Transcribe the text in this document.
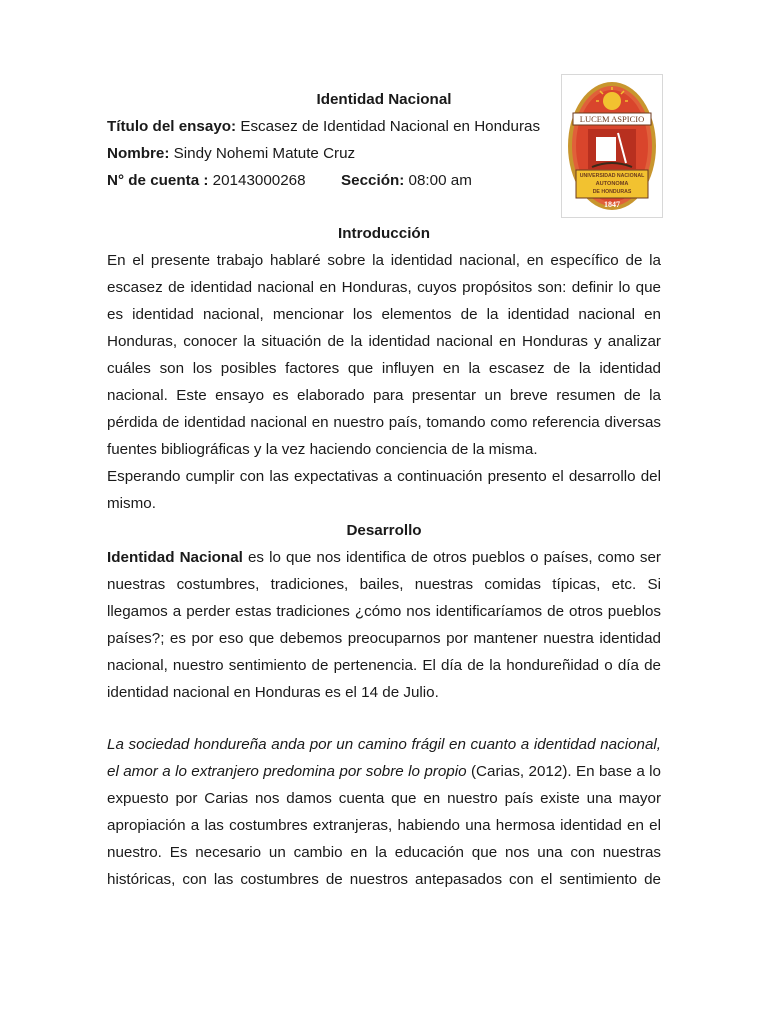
Identidad Nacional
Título del ensayo: Escasez de Identidad Nacional en Honduras
Nombre: Sindy Nohemi Matute Cruz
N° de cuenta : 20143000268 Sección: 08:00 am
LUCEM ASPICIO
UNIVERSIDAD NACIONAL
AUTONOMA
DE HONDURAS
1847
Introducción
En el presente trabajo hablaré sobre la identidad nacional, en específico de la
escasez de identidad nacional en Honduras, cuyos propósitos son: definir lo que
es identidad nacional, mencionar los elementos de la identidad nacional en
Honduras, conocer la situación de la identidad nacional en Honduras y analizar
cuáles son los posibles factores que influyen en la escasez de la identidad
nacional. Este ensayo es elaborado para presentar un breve resumen de la
pérdida de identidad nacional en nuestro país, tomando como referencia diversas
fuentes bibliográficas y la vez haciendo conciencia de la misma.
Esperando cumplir con las expectativas a continuación presento el desarrollo del
mismo.
Desarrollo
Identidad Nacional es lo que nos identifica de otros pueblos o países, como ser
nuestras costumbres, tradiciones, bailes, nuestras comidas típicas, etc. Si
llegamos a perder estas tradiciones ¿cómo nos identificaríamos de otros pueblos
países?; es por eso que debemos preocuparnos por mantener nuestra identidad
nacional, nuestro sentimiento de pertenencia. El día de la hondureñidad o día de
identidad nacional en Honduras es el 14 de Julio.
La sociedad hondureña anda por un camino frágil en cuanto a identidad nacional,
el amor a lo extranjero predomina por sobre lo propio (Carias, 2012). En base a lo
expuesto por Carias nos damos cuenta que en nuestro país existe una mayor
apropiación a las costumbres extranjeras, habiendo una hermosa identidad en el
nuestro. Es necesario un cambio en la educación que nos una con nuestras
históricas, con las costumbres de nuestros antepasados con el sentimiento de
